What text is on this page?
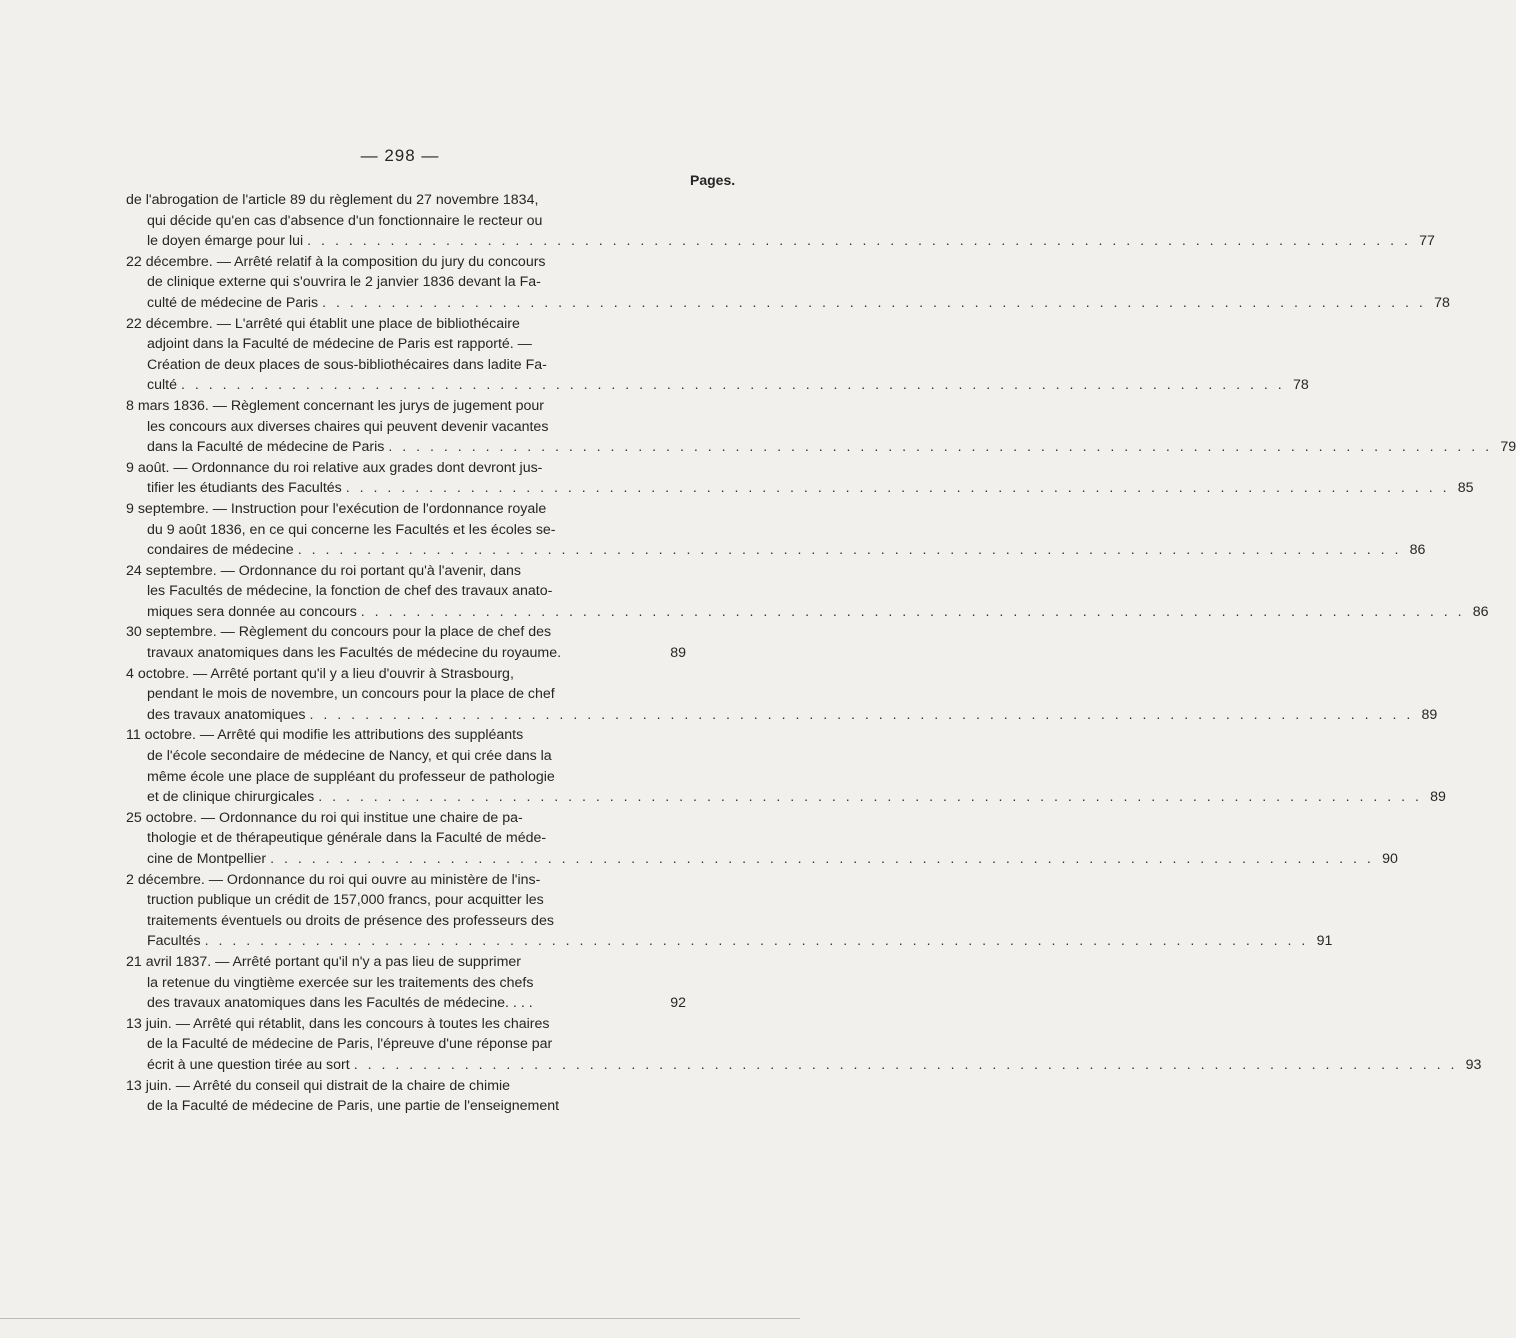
— 298 —
Pages.
de l'abrogation de l'article 89 du règlement du 27 novembre 1834,
qui décide qu'en cas d'absence d'un fonctionnaire le recteur ou
le doyen émarge pour lui . . . . . . . . . . . . . . . . . . . . . . . . . . . . . . . . . . . . . . . . . . . . . . . . . . . . . . . . . . . . . . . . . . . . . . . . . . . . . . . . 77
22 décembre. — Arrêté relatif à la composition du jury du concours
de clinique externe qui s'ouvrira le 2 janvier 1836 devant la Fa-
culté de médecine de Paris . . . . . . . . . . . . . . . . . . . . . . . . . . . . . . . . . . . . . . . . . . . . . . . . . . . . . . . . . . . . . . . . . . . . . . . . . . . . . . . . 78
22 décembre. — L'arrêté qui établit une place de bibliothécaire
adjoint dans la Faculté de médecine de Paris est rapporté. —
Création de deux places de sous-bibliothécaires dans ladite Fa-
culté . . . . . . . . . . . . . . . . . . . . . . . . . . . . . . . . . . . . . . . . . . . . . . . . . . . . . . . . . . . . . . . . . . . . . . . . . . . . . . . . 78
8 mars 1836. — Règlement concernant les jurys de jugement pour
les concours aux diverses chaires qui peuvent devenir vacantes
dans la Faculté de médecine de Paris . . . . . . . . . . . . . . . . . . . . . . . . . . . . . . . . . . . . . . . . . . . . . . . . . . . . . . . . . . . . . . . . . . . . . . . . . . . . . . . . 79
9 août. — Ordonnance du roi relative aux grades dont devront jus-
tifier les étudiants des Facultés . . . . . . . . . . . . . . . . . . . . . . . . . . . . . . . . . . . . . . . . . . . . . . . . . . . . . . . . . . . . . . . . . . . . . . . . . . . . . . . . 85
9 septembre. — Instruction pour l'exécution de l'ordonnance royale
du 9 août 1836, en ce qui concerne les Facultés et les écoles se-
condaires de médecine . . . . . . . . . . . . . . . . . . . . . . . . . . . . . . . . . . . . . . . . . . . . . . . . . . . . . . . . . . . . . . . . . . . . . . . . . . . . . . . . 86
24 septembre. — Ordonnance du roi portant qu'à l'avenir, dans
les Facultés de médecine, la fonction de chef des travaux anato-
miques sera donnée au concours . . . . . . . . . . . . . . . . . . . . . . . . . . . . . . . . . . . . . . . . . . . . . . . . . . . . . . . . . . . . . . . . . . . . . . . . . . . . . . . . 86
30 septembre. — Règlement du concours pour la place de chef des
travaux anatomiques dans les Facultés de médecine du royaume.	89
4 octobre. — Arrêté portant qu'il y a lieu d'ouvrir à Strasbourg,
pendant le mois de novembre, un concours pour la place de chef
des travaux anatomiques . . . . . . . . . . . . . . . . . . . . . . . . . . . . . . . . . . . . . . . . . . . . . . . . . . . . . . . . . . . . . . . . . . . . . . . . . . . . . . . . 89
11 octobre. — Arrêté qui modifie les attributions des suppléants
de l'école secondaire de médecine de Nancy, et qui crée dans la
même école une place de suppléant du professeur de pathologie
et de clinique chirurgicales . . . . . . . . . . . . . . . . . . . . . . . . . . . . . . . . . . . . . . . . . . . . . . . . . . . . . . . . . . . . . . . . . . . . . . . . . . . . . . . . 89
25 octobre. — Ordonnance du roi qui institue une chaire de pa-
thologie et de thérapeutique générale dans la Faculté de méde-
cine de Montpellier . . . . . . . . . . . . . . . . . . . . . . . . . . . . . . . . . . . . . . . . . . . . . . . . . . . . . . . . . . . . . . . . . . . . . . . . . . . . . . . . 90
2 décembre. — Ordonnance du roi qui ouvre au ministère de l'ins-
truction publique un crédit de 157,000 francs, pour acquitter les
traitements éventuels ou droits de présence des professeurs des
Facultés . . . . . . . . . . . . . . . . . . . . . . . . . . . . . . . . . . . . . . . . . . . . . . . . . . . . . . . . . . . . . . . . . . . . . . . . . . . . . . . . 91
21 avril 1837. — Arrêté portant qu'il n'y a pas lieu de supprimer
la retenue du vingtième exercée sur les traitements des chefs
des travaux anatomiques dans les Facultés de médecine. . . .	92
13 juin. — Arrêté qui rétablit, dans les concours à toutes les chaires
de la Faculté de médecine de Paris, l'épreuve d'une réponse par
écrit à une question tirée au sort . . . . . . . . . . . . . . . . . . . . . . . . . . . . . . . . . . . . . . . . . . . . . . . . . . . . . . . . . . . . . . . . . . . . . . . . . . . . . . . . 93
13 juin. — Arrêté du conseil qui distrait de la chaire de chimie
de la Faculté de médecine de Paris, une partie de l'enseignement
